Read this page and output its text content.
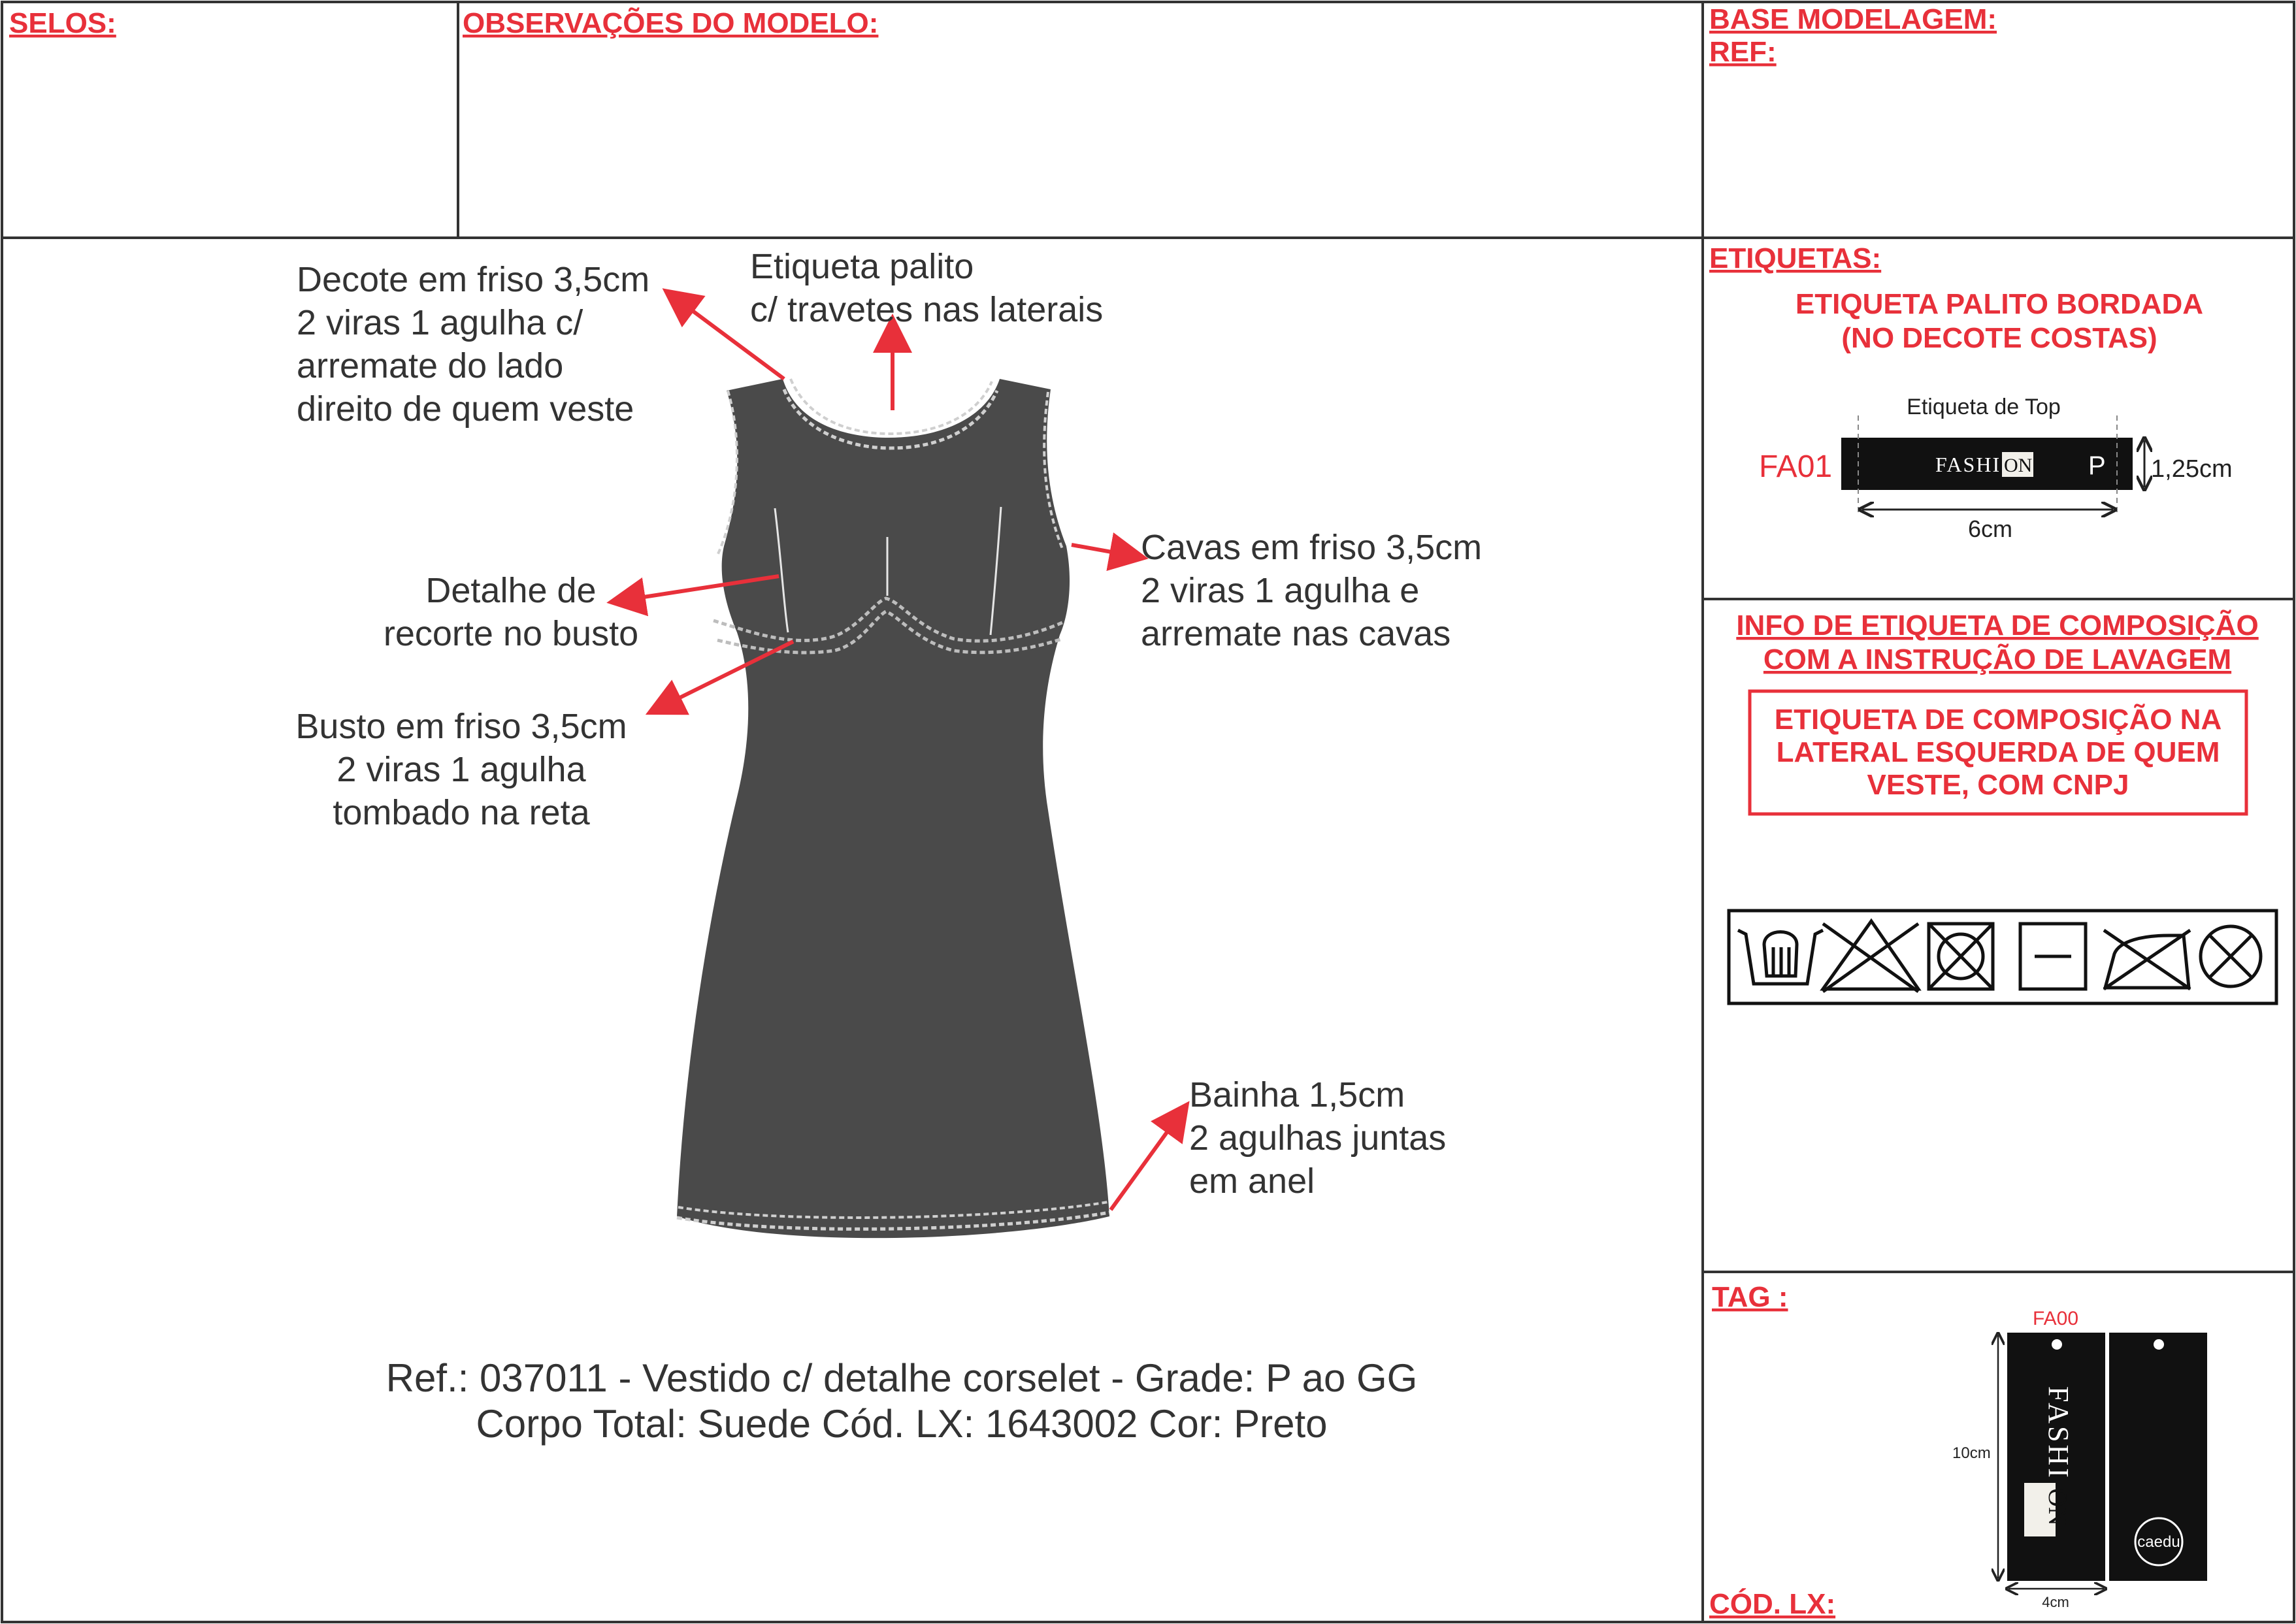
SELOS:	OBSERVAÇÕES DO MODELO:	BASE MODELAGEM:
REF:
ETIQUETAS:
INFO DE ETIQUETA DE COMPOSIÇÃO
COM A INSTRUÇÃO DE LAVAGEM
TAG :
CÓD. LX:
Decote em friso 3,5cm
2 viras 1 agulha c/
arremate do lado
direito de quem veste
Etiqueta palito
c/ travetes nas laterais
Cavas em friso 3,5cm
2 viras 1 agulha e
arremate nas cavas
Detalhe de
recorte no busto
Busto em friso 3,5cm
2 viras 1 agulha
tombado na reta
Bainha 1,5cm
2 agulhas juntas
em anel
Ref.: 037011 - Vestido c/ detalhe corselet - Grade: P ao GG
Corpo Total: Suede Cód. LX: 1643002 Cor: Preto
ETIQUETA PALITO BORDADA
(NO DECOTE COSTAS)
Etiqueta de Top
FA01	FASHI ON P 1,25cm
6cm
ETIQUETA DE COMPOSIÇÃO NA
LATERAL ESQUERDA DE QUEM
VESTE, COM CNPJ
FA00
FASHI
ON
caedu
10cm
4cm
